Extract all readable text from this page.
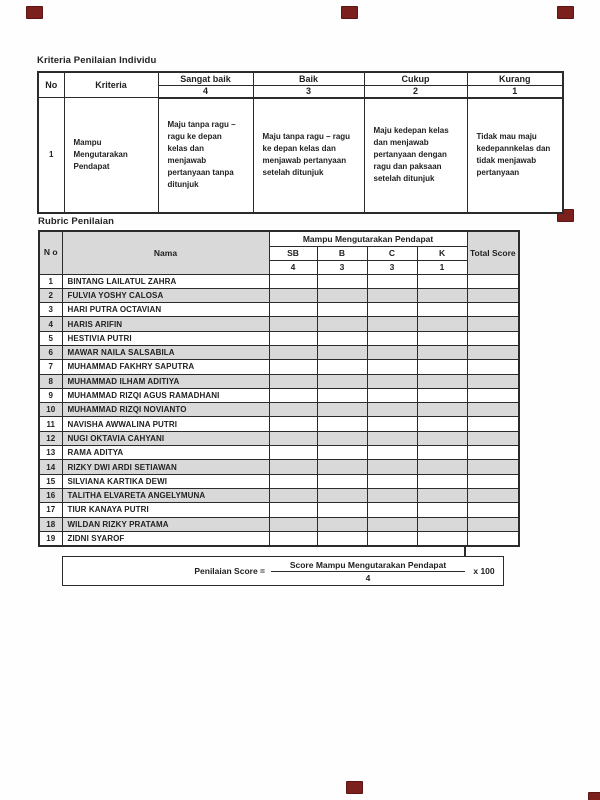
Kriteria Penilaian Individu
No	Kriteria	Sangat baik	Baik	Cukup	Kurang
		4	3	2	1
1	Mampu Mengutarakan Pendapat	Maju tanpa ragu – ragu ke depan kelas dan menjawab pertanyaan tanpa ditunjuk	Maju tanpa ragu – ragu ke depan kelas dan menjawab pertanyaan setelah ditunjuk	Maju kedepan kelas dan menjawab pertanyaan dengan ragu dan paksaan setelah ditunjuk	Tidak mau maju kedepannkelas dan tidak menjawab pertanyaan
Rubric Penilaian
N o	Nama	Mampu Mengutarakan Pendapat				Total Score
		SB	B	C	K	
		4	3	3	1	
1	BINTANG LAILATUL ZAHRA					
2	FULVIA YOSHY CALOSA					
3	HARI PUTRA OCTAVIAN					
4	HARIS ARIFIN					
5	HESTIVIA PUTRI					
6	MAWAR NAILA SALSABILA					
7	MUHAMMAD FAKHRY SAPUTRA					
8	MUHAMMAD ILHAM ADITIYA					
9	MUHAMMAD RIZQI AGUS RAMADHANI					
10	MUHAMMAD RIZQI NOVIANTO					
11	NAVISHA AWWALINA PUTRI					
12	NUGI OKTAVIA CAHYANI					
13	RAMA ADITYA					
14	RIZKY DWI ARDI SETIAWAN					
15	SILVIANA KARTIKA DEWI					
16	TALITHA ELVARETA ANGELYMUNA					
17	TIUR KANAYA PUTRI					
18	WILDAN RIZKY PRATAMA					
19	ZIDNI SYAROF					
Penilaian Score = $\frac{\text{Score Mampu Mengutarakan Pendapat}}{4}$ x 100
